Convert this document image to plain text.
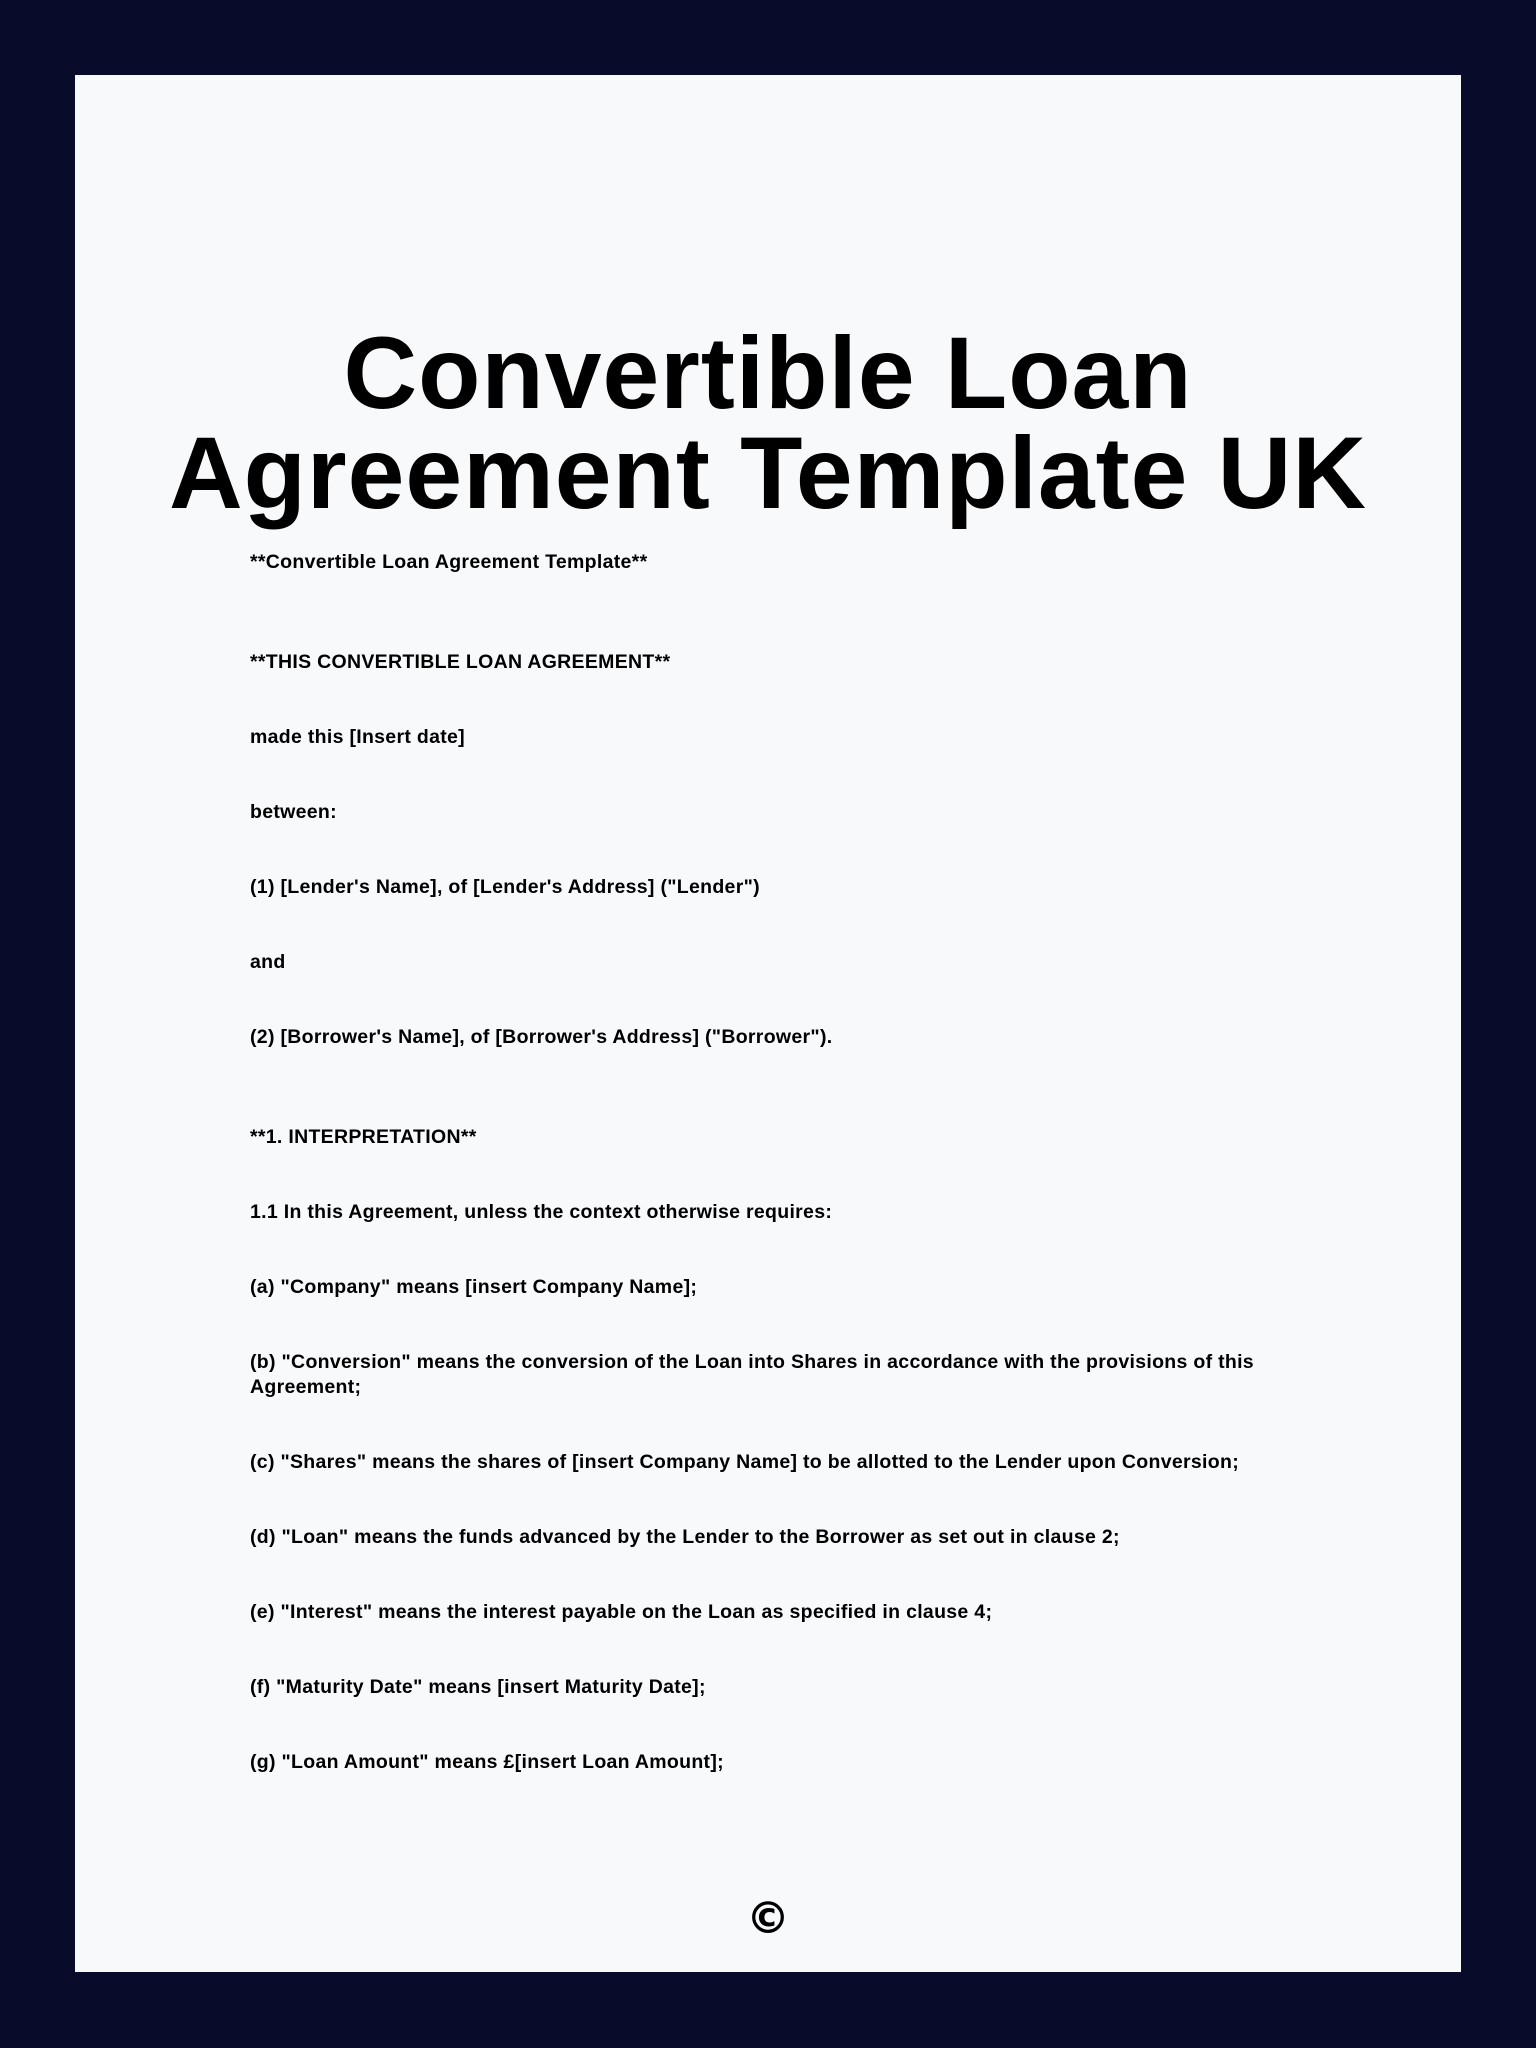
Convertible Loan Agreement Template UK

**Convertible Loan Agreement Template**

**THIS CONVERTIBLE LOAN AGREEMENT**

made this [Insert date]

between:

(1) [Lender's Name], of [Lender's Address] ("Lender")

and

(2) [Borrower's Name], of [Borrower's Address] ("Borrower").

**1. INTERPRETATION**

1.1 In this Agreement, unless the context otherwise requires:

(a) "Company" means [insert Company Name];

(b) "Conversion" means the conversion of the Loan into Shares in accordance with the provisions of this Agreement;

(c) "Shares" means the shares of [insert Company Name] to be allotted to the Lender upon Conversion;

(d) "Loan" means the funds advanced by the Lender to the Borrower as set out in clause 2;

(e) "Interest" means the interest payable on the Loan as specified in clause 4;

(f) "Maturity Date" means [insert Maturity Date];

(g) "Loan Amount" means £[insert Loan Amount];

©
